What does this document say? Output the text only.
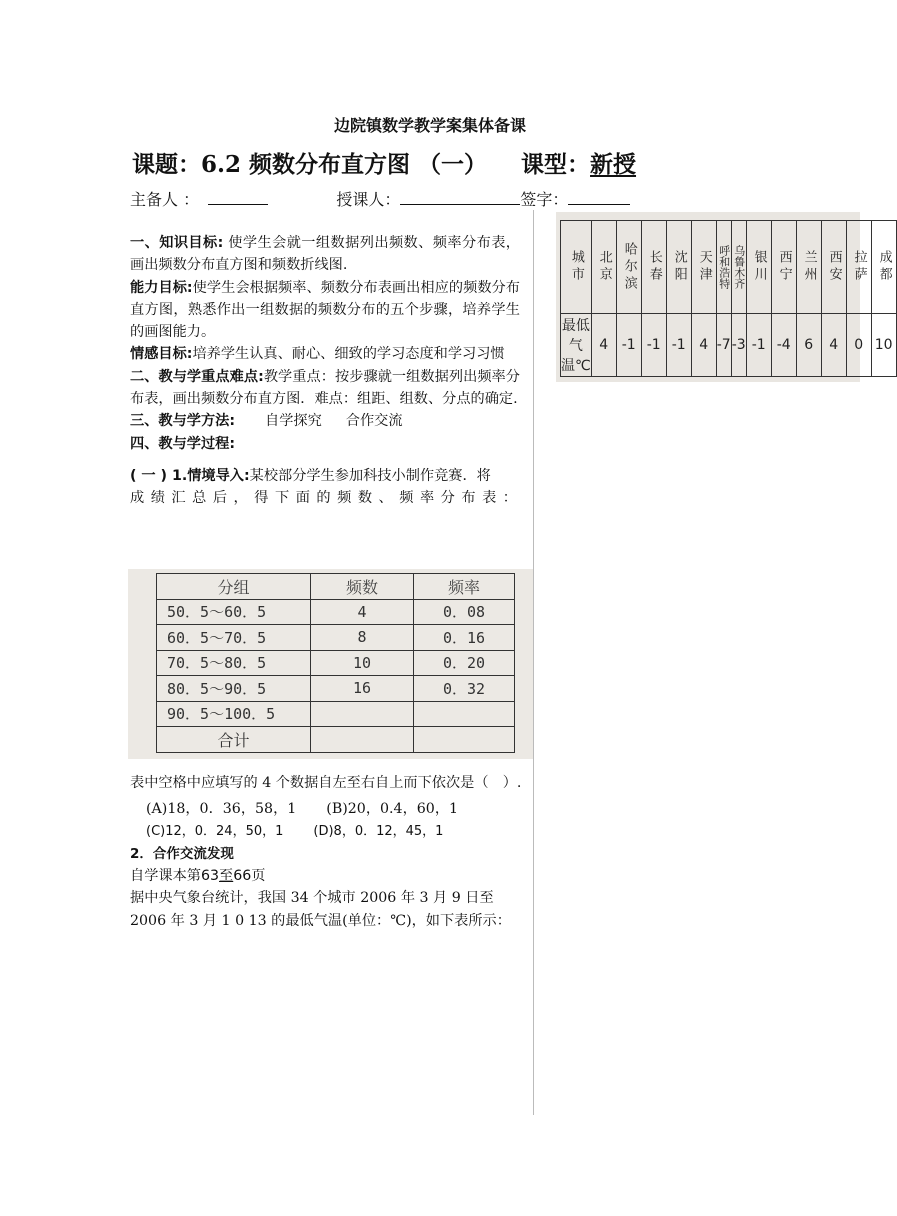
边院镇数学教学案集体备课
课题：6.2 频数分布直方图 （一） 课型：新授
主备人 ：	授课人：	签字：

一、知识目标: 使学生会就一组数据列出频数、频率分布表，画出频数分布直方图和频数折线图.

能力目标:使学生会根据频率、频数分布表画出相应的频数分布直方图，熟悉作出一组数据的频数分布的五个步骤，培养学生的画图能力。

情感目标:培养学生认真、耐心、细致的学习态度和学习习惯

二、教与学重点难点:教学重点：按步骤就一组数据列出频率分布表，画出频数分布直方图．难点：组距、组数、分点的确定.

三、教与学方法: 自学探究 合作交流

四、教与学过程:

( 一 ) 1.情境导入:某校部分学生参加科技小制作竞赛．将

成绩汇总后，得下面的频数、频率分布表：

分组	频数	频率
50．5～60．5	4	0．08
60．5～70．5	8	0．16
70．5～80．5	10	0．20
80．5～90．5	16	0．32
90．5～100．5		
合计		

表中空格中应填写的 4 个数据自左至右自上而下依次是（　）.

(A)18，0．36，58，1 (B)20，0.4，60，1

(C)12，0．24，50，1 (D)8，0．12，45，1

2．合作交流发现

自学课本第63至66页

据中央气象台统计，我国 34 个城市 2006 年 3 月 9 日至 2006 年 3 月 1 0 13 的最低气温(单位：℃)，如下表所示：

城市	北京	哈尔滨	长春	沈阳	天津	呼和浩特	乌鲁木齐	银川	西宁	兰州	西安	拉萨	成都
最低气温℃	4	-1	-1	-1	4	-7	-3	-1	-4	6	4	0	10
